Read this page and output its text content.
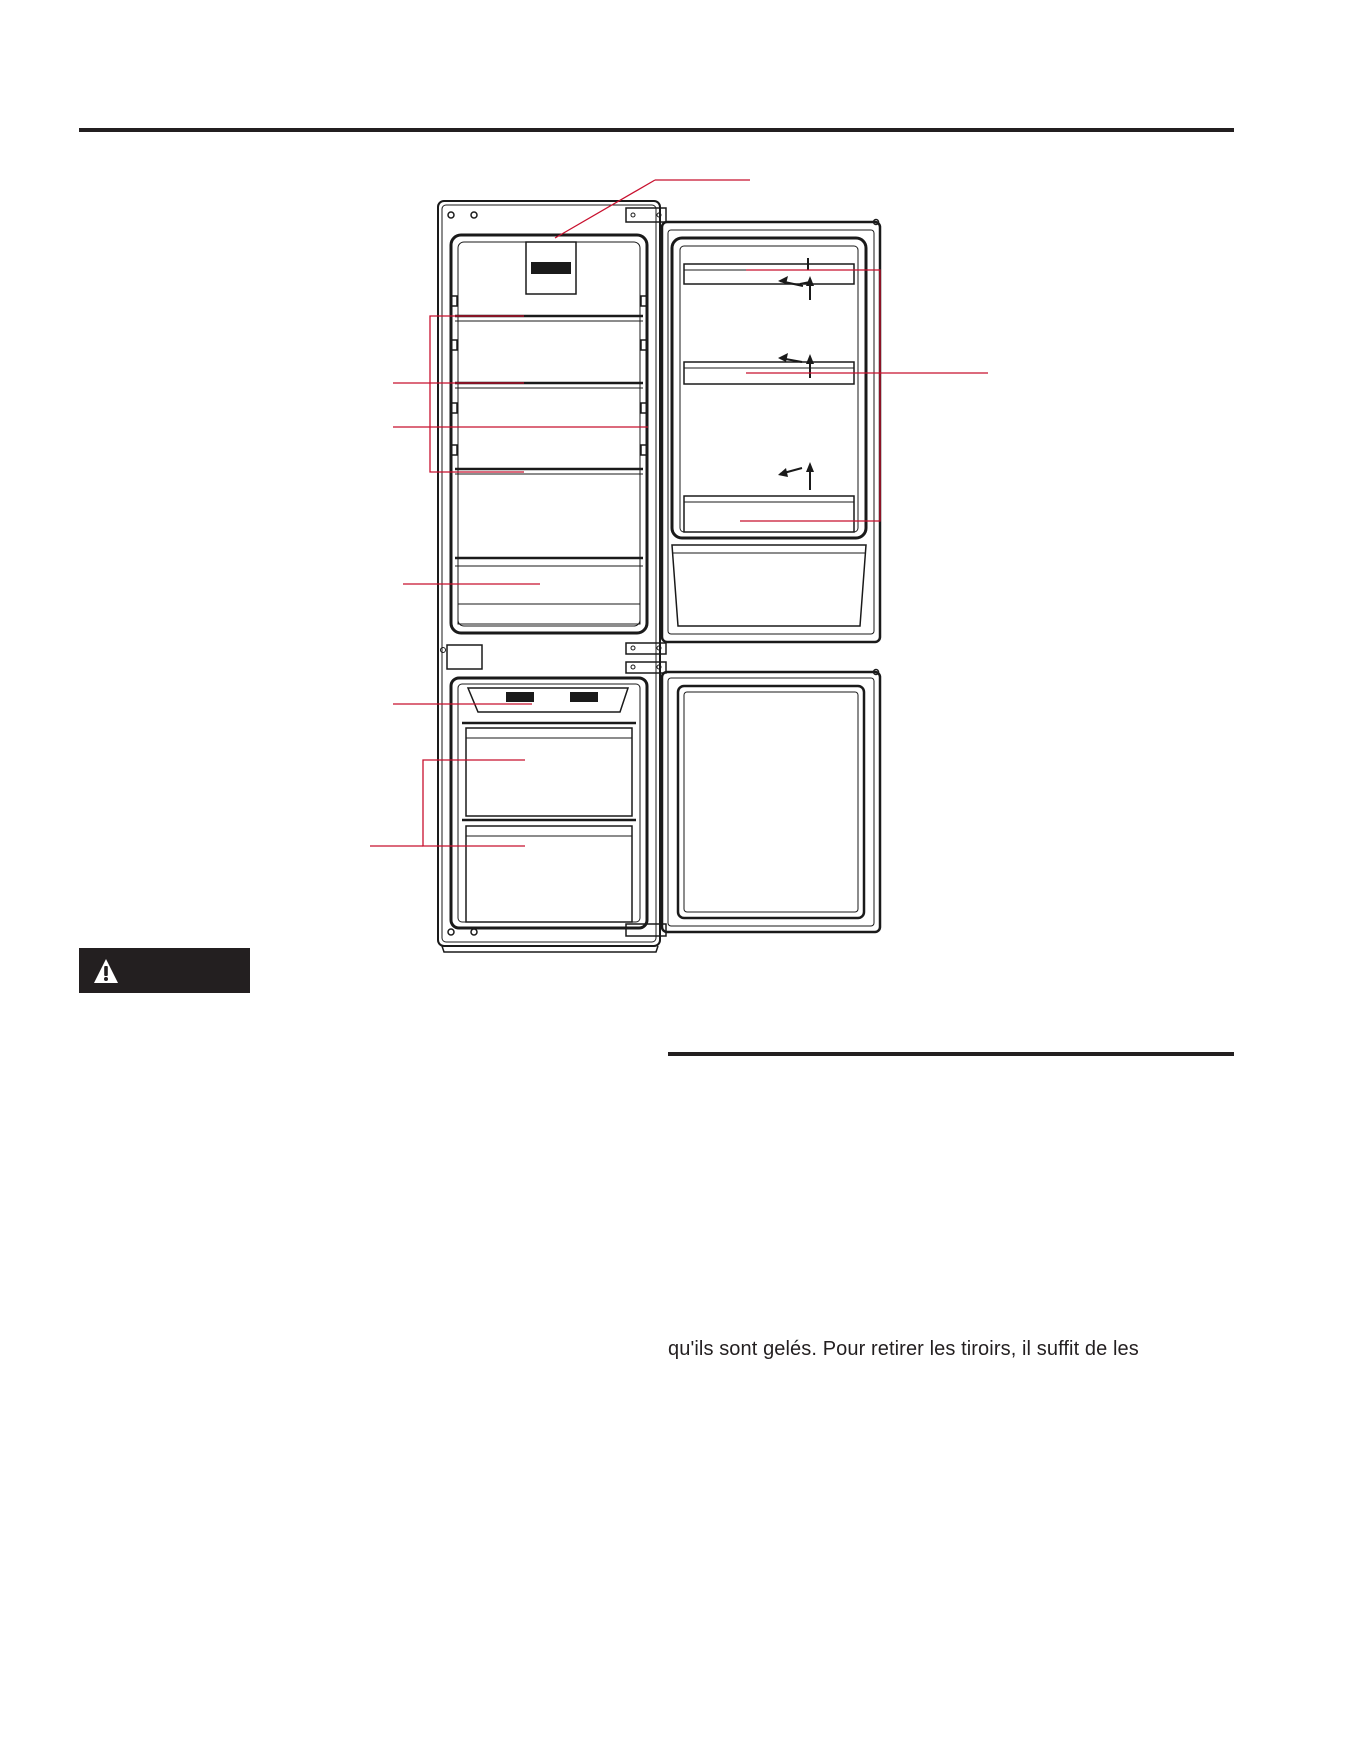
qu'ils sont gelés. Pour retirer les tiroirs, il suffit de les
